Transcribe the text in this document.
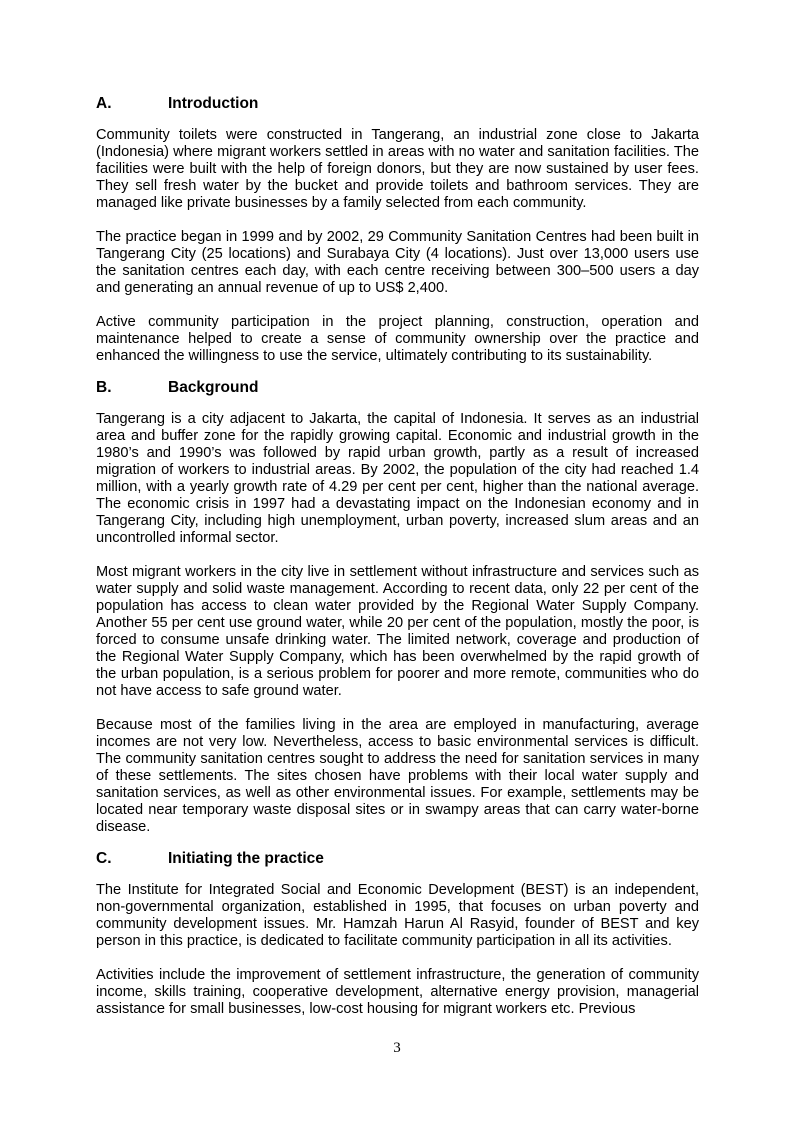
A.	Introduction

Community toilets were constructed in Tangerang, an industrial zone close to Jakarta (Indonesia) where migrant workers settled in areas with no water and sanitation facilities. The facilities were built with the help of foreign donors, but they are now sustained by user fees. They sell fresh water by the bucket and provide toilets and bathroom services. They are managed like private businesses by a family selected from each community.

The practice began in 1999 and by 2002, 29 Community Sanitation Centres had been built in Tangerang City (25 locations) and Surabaya City (4 locations). Just over 13,000 users use the sanitation centres each day, with each centre receiving between 300–500 users a day and generating an annual revenue of up to US$ 2,400.

Active community participation in the project planning, construction, operation and maintenance helped to create a sense of community ownership over the practice and enhanced the willingness to use the service, ultimately contributing to its sustainability.

B.	Background

Tangerang is a city adjacent to Jakarta, the capital of Indonesia. It serves as an industrial area and buffer zone for the rapidly growing capital. Economic and industrial growth in the 1980’s and 1990’s was followed by rapid urban growth, partly as a result of increased migration of workers to industrial areas. By 2002, the population of the city had reached 1.4 million, with a yearly growth rate of 4.29 per cent per cent, higher than the national average. The economic crisis in 1997 had a devastating impact on the Indonesian economy and in Tangerang City, including high unemployment, urban poverty, increased slum areas and an uncontrolled informal sector.

Most migrant workers in the city live in settlement without infrastructure and services such as water supply and solid waste management. According to recent data, only 22 per cent of the population has access to clean water provided by the Regional Water Supply Company. Another 55 per cent use ground water, while 20 per cent of the population, mostly the poor, is forced to consume unsafe drinking water. The limited network, coverage and production of the Regional Water Supply Company, which has been overwhelmed by the rapid growth of the urban population, is a serious problem for poorer and more remote, communities who do not have access to safe ground water.

Because most of the families living in the area are employed in manufacturing, average incomes are not very low. Nevertheless, access to basic environmental services is difficult. The community sanitation centres sought to address the need for sanitation services in many of these settlements. The sites chosen have problems with their local water supply and sanitation services, as well as other environmental issues. For example, settlements may be located near temporary waste disposal sites or in swampy areas that can carry water-borne disease.

C.	Initiating the practice

The Institute for Integrated Social and Economic Development (BEST) is an independent, non-governmental organization, established in 1995, that focuses on urban poverty and community development issues. Mr. Hamzah Harun Al Rasyid, founder of BEST and key person in this practice, is dedicated to facilitate community participation in all its activities.

Activities include the improvement of settlement infrastructure, the generation of community income, skills training, cooperative development, alternative energy provision, managerial assistance for small businesses, low-cost housing for migrant workers etc. Previous

3
